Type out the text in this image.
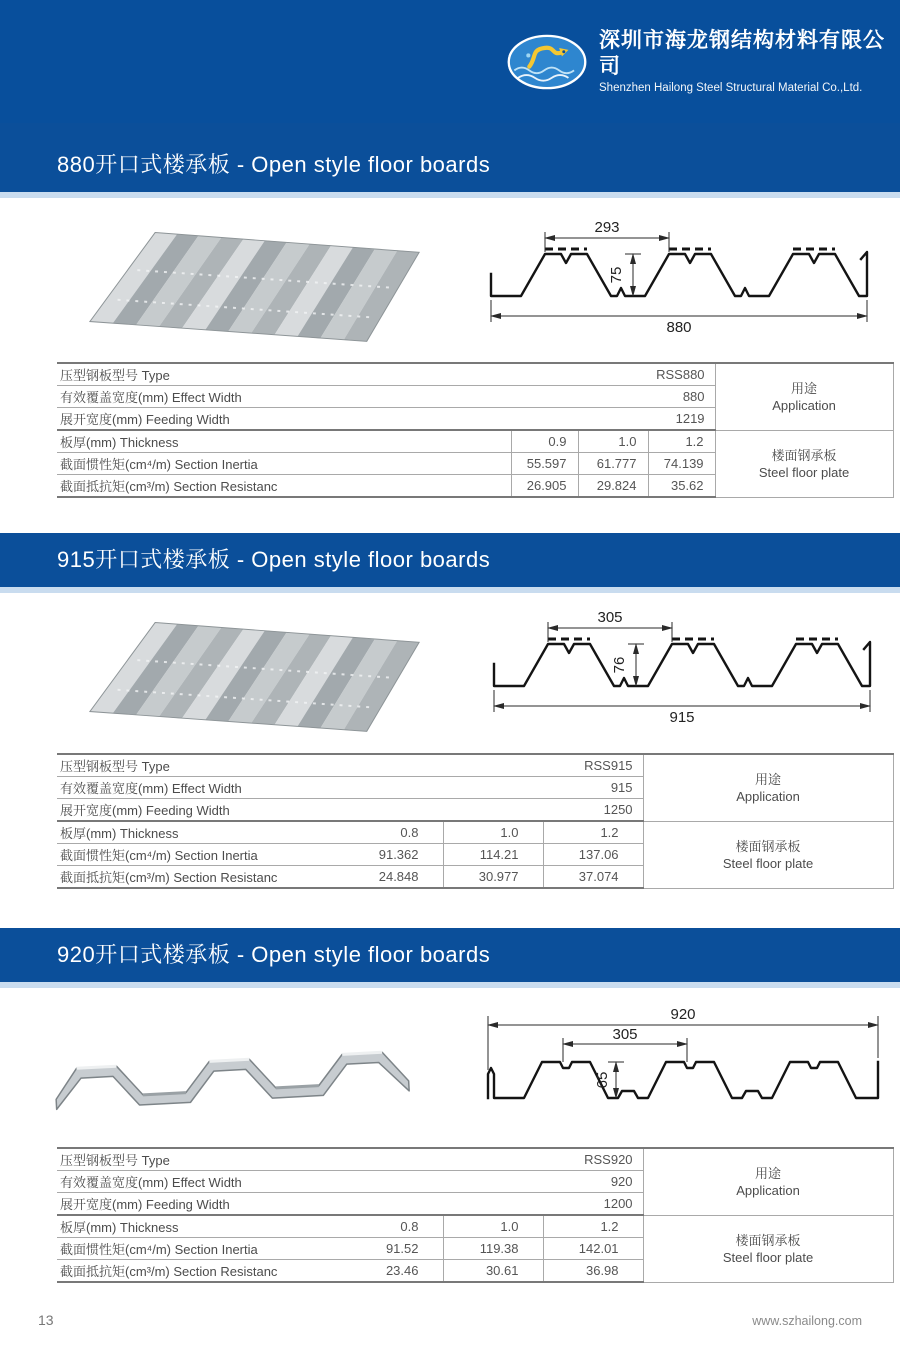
深圳市海龙钢结构材料有限公司
Shenzhen Hailong Steel Structural Material Co.,Ltd.
880开口式楼承板 - Open style floor boards
915开口式楼承板 - Open style floor boards
920开口式楼承板 - Open style floor boards
293
75
880
压型钢板型号 Type	RSS880

用途
Application

有效覆盖宽度(mm) Effect Width 880				

展开宽度(mm) Feeding Width 1219				

板厚(mm) Thickness	0.9	1.0	1.2	楼面钢承板
Steel floor plate

截面惯性矩(cm⁴/m) Section Inertia	55.597	61.777	74.139	
截面抵抗矩(cm³/m) Section Resistanc	26.905	29.824	35.62	
305
76
915
压型钢板型号 Type	RSS915

用途
Application

有效覆盖宽度(mm) Effect Width 915				

展开宽度(mm) Feeding Width 1250				

板厚(mm) Thickness	0.8	1.0	1.2	楼面钢承板
Steel floor plate

截面惯性矩(cm⁴/m) Section Inertia	91.362	114.21	137.06	
截面抵抗矩(cm³/m) Section Resistanc	24.848	30.977	37.074	
920
305
65
压型钢板型号 Type	RSS920

用途
Application

有效覆盖宽度(mm) Effect Width 920				

展开宽度(mm) Feeding Width 1200				

板厚(mm) Thickness	0.8	1.0	1.2	楼面钢承板
Steel floor plate

截面惯性矩(cm⁴/m) Section Inertia	91.52	119.38	142.01	
截面抵抗矩(cm³/m) Section Resistanc	23.46	30.61	36.98	
13	www.szhailong.com
